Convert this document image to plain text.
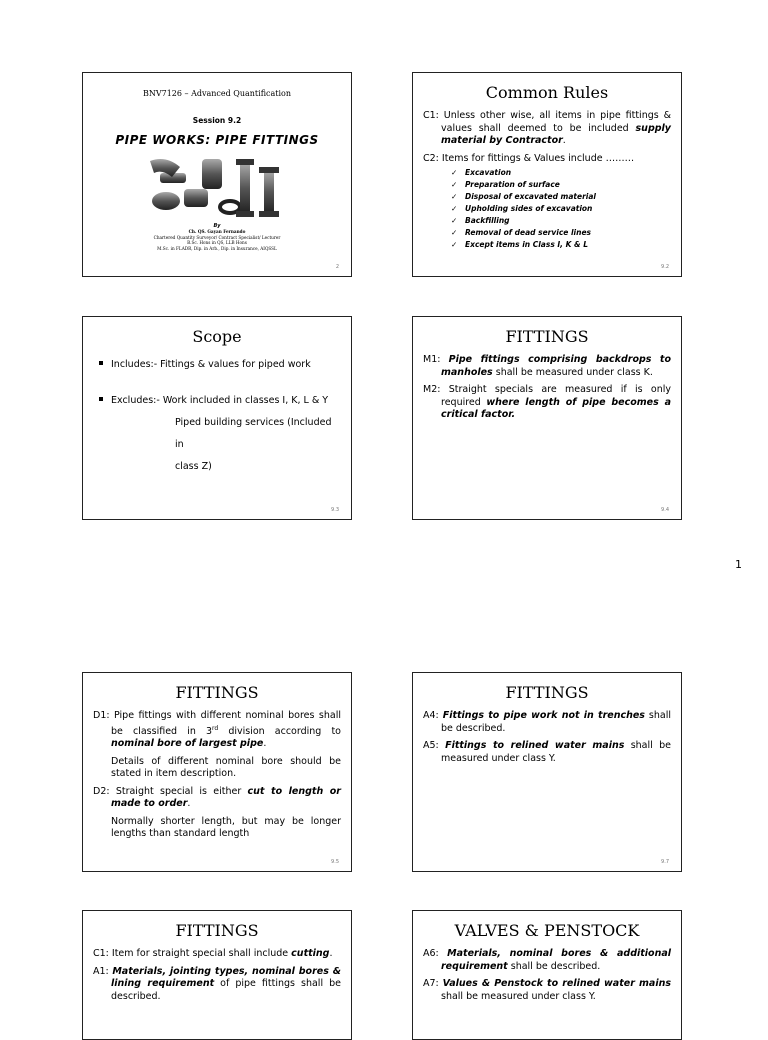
BNV7126 – Advanced Quantification
Session 9.2
PIPE WORKS: PIPE FITTINGS
By
Ch. QS. Gayan Fernando
Chartered Quantity Surveyor/ Contract Specialist/ Lecturer
B.Sc. Hons in QS, LLB Hons
M.Sc. in FLADR, Dip. in Arb., Dip. in Insurance, AIQSSL
2
Common Rules

C1: Unless other wise, all items in pipe fittings & values shall deemed to be included supply material by Contractor.

C2: Items for fittings & Values include ………

✓ Excavation
✓ Preparation of surface
✓ Disposal of excavated material
✓ Upholding sides of excavation
✓ Backfilling
✓ Removal of dead service lines
✓ Except items in Class I, K & L
9.2
Scope
Includes:- Fittings & values for piped work
Excludes:- Work included in classes I, K, L & Y
Piped building services (Included in
class Z)
9.3
FITTINGS

M1: Pipe fittings comprising backdrops to manholes shall be measured under class K.

M2: Straight specials are measured if is only required where length of pipe becomes a critical factor.

9.4
1
FITTINGS

D1: Pipe fittings with different nominal bores shall be classified in 3rd division according to nominal bore of largest pipe.

Details of different nominal bore should be stated in item description.

D2: Straight special is either cut to length or made to order.

Normally shorter length, but may be longer lengths than standard length

9.5
FITTINGS

A4: Fittings to pipe work not in trenches shall be described.

A5: Fittings to relined water mains shall be measured under class Y.

9.7
FITTINGS

C1: Item for straight special shall include cutting.

A1: Materials, jointing types, nominal bores & lining requirement of pipe fittings shall be described.

VALVES & PENSTOCK

A6: Materials, nominal bores & additional requirement shall be described.

A7: Values & Penstock to relined water mains shall be measured under class Y.
